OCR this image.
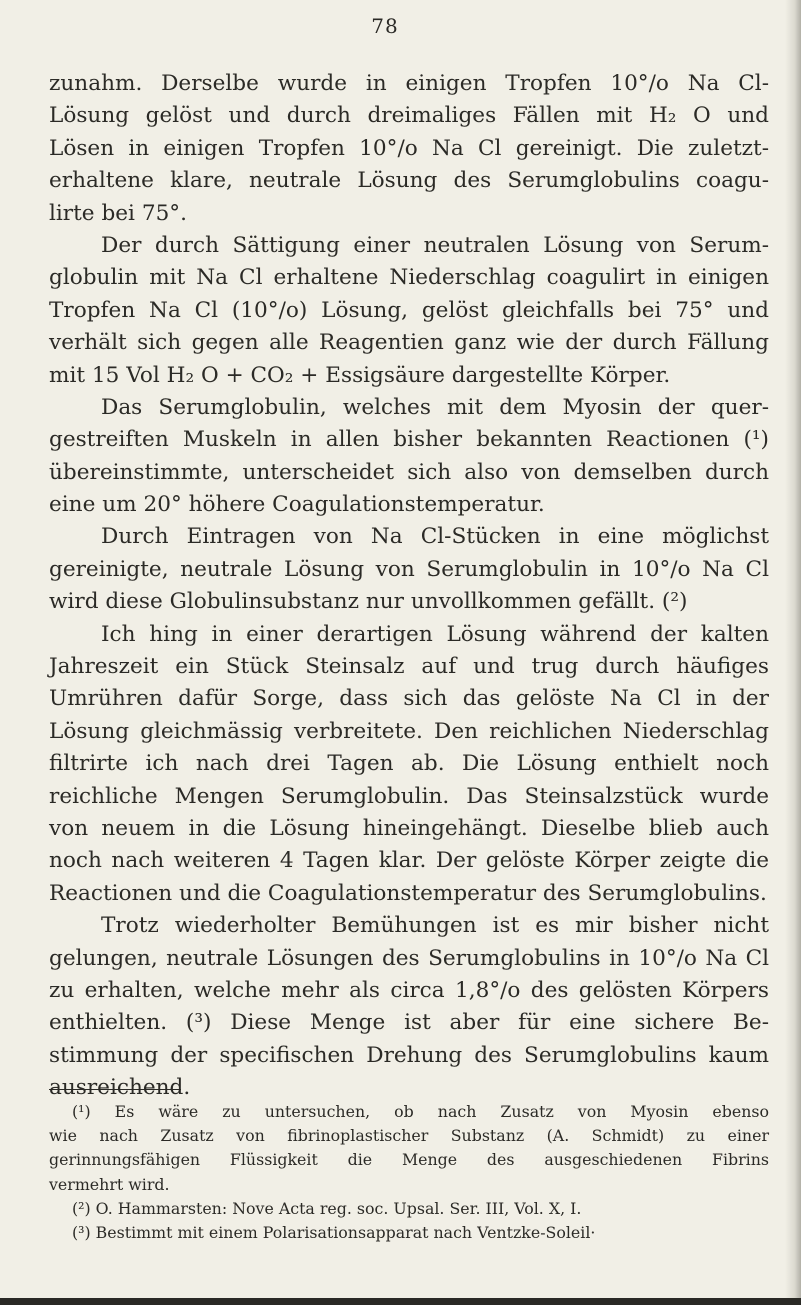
78
zunahm. Derselbe wurde in einigen Tropfen 10°/o Na Cl-
Lösung gelöst und durch dreimaliges Fällen mit H₂ O und
Lösen in einigen Tropfen 10°/o Na Cl gereinigt. Die zuletzt-
erhaltene klare, neutrale Lösung des Serumglobulins coagu-
lirte bei 75°.
Der durch Sättigung einer neutralen Lösung von Serum-
globulin mit Na Cl erhaltene Niederschlag coagulirt in einigen
Tropfen Na Cl (10°/o) Lösung, gelöst gleichfalls bei 75° und
verhält sich gegen alle Reagentien ganz wie der durch Fällung
mit 15 Vol H₂ O + CO₂ + Essigsäure dargestellte Körper.
Das Serumglobulin, welches mit dem Myosin der quer-
gestreiften Muskeln in allen bisher bekannten Reactionen (¹)
übereinstimmte, unterscheidet sich also von demselben durch
eine um 20° höhere Coagulationstemperatur.
Durch Eintragen von Na Cl-Stücken in eine möglichst
gereinigte, neutrale Lösung von Serumglobulin in 10°/o Na Cl
wird diese Globulinsubstanz nur unvollkommen gefällt. (²)
Ich hing in einer derartigen Lösung während der kalten
Jahreszeit ein Stück Steinsalz auf und trug durch häufiges
Umrühren dafür Sorge, dass sich das gelöste Na Cl in der
Lösung gleichmässig verbreitete. Den reichlichen Niederschlag
filtrirte ich nach drei Tagen ab. Die Lösung enthielt noch
reichliche Mengen Serumglobulin. Das Steinsalzstück wurde
von neuem in die Lösung hineingehängt. Dieselbe blieb auch
noch nach weiteren 4 Tagen klar. Der gelöste Körper zeigte die
Reactionen und die Coagulationstemperatur des Serumglobulins.
Trotz wiederholter Bemühungen ist es mir bisher nicht
gelungen, neutrale Lösungen des Serumglobulins in 10°/o Na Cl
zu erhalten, welche mehr als circa 1,8°/o des gelösten Körpers
enthielten. (³) Diese Menge ist aber für eine sichere Be-
stimmung der specifischen Drehung des Serumglobulins kaum
ausreichend.
(¹) Es wäre zu untersuchen, ob nach Zusatz von Myosin ebenso
wie nach Zusatz von fibrinoplastischer Substanz (A. Schmidt) zu einer
gerinnungsfähigen Flüssigkeit die Menge des ausgeschiedenen Fibrins
vermehrt wird.
(²) O. Hammarsten: Nove Acta reg. soc. Upsal. Ser. III, Vol. X, I.
(³) Bestimmt mit einem Polarisationsapparat nach Ventzke-Soleil·
